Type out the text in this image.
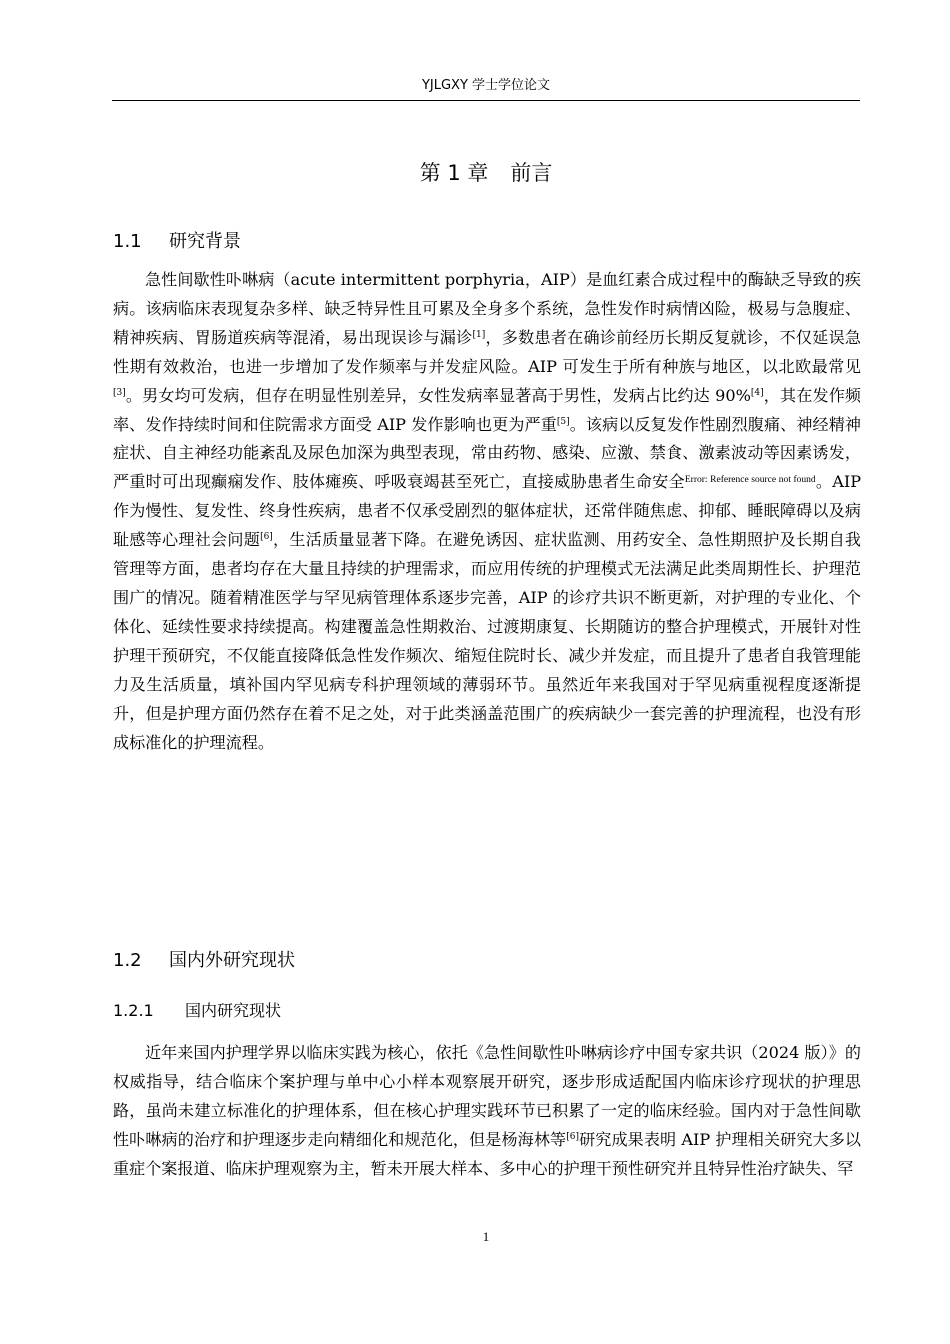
YJLGXY 学士学位论文
第 1 章 前言
1.1 研究背景

急性间歇性卟啉病（acute intermittent porphyria，AIP）是血红素合成过程中的酶缺乏导致的疾病。该病临床表现复杂多样、缺乏特异性且可累及全身多个系统，急性发作时病情凶险，极易与急腹症、精神疾病、胃肠道疾病等混淆，易出现误诊与漏诊[1]，多数患者在确诊前经历长期反复就诊，不仅延误急性期有效救治，也进一步增加了发作频率与并发症风险。AIP 可发生于所有种族与地区，以北欧最常见[3]。男女均可发病，但存在明显性别差异，女性发病率显著高于男性，发病占比约达 90%[4]，其在发作频率、发作持续时间和住院需求方面受 AIP 发作影响也更为严重[5]。该病以反复发作性剧烈腹痛、神经精神症状、自主神经功能紊乱及尿色加深为典型表现，常由药物、感染、应激、禁食、激素波动等因素诱发，严重时可出现癫痫发作、肢体瘫痪、呼吸衰竭甚至死亡，直接威胁患者生命安全$^{Error: Reference source not found}$。AIP 作为慢性、复发性、终身性疾病，患者不仅承受剧烈的躯体症状，还常伴随焦虑、抑郁、睡眠障碍以及病耻感等心理社会问题[6]，生活质量显著下降。在避免诱因、症状监测、用药安全、急性期照护及长期自我管理等方面，患者均存在大量且持续的护理需求，而应用传统的护理模式无法满足此类周期性长、护理范围广的情况。随着精准医学与罕见病管理体系逐步完善，AIP 的诊疗共识不断更新，对护理的专业化、个体化、延续性要求持续提高。构建覆盖急性期救治、过渡期康复、长期随访的整合护理模式，开展针对性护理干预研究，不仅能直接降低急性发作频次、缩短住院时长、减少并发症，而且提升了患者自我管理能力及生活质量，填补国内罕见病专科护理领域的薄弱环节。虽然近年来我国对于罕见病重视程度逐渐提升，但是护理方面仍然存在着不足之处，对于此类涵盖范围广的疾病缺少一套完善的护理流程，也没有形成标准化的护理流程。

1.2 国内外研究现状
1.2.1 国内研究现状

近年来国内护理学界以临床实践为核心，依托《急性间歇性卟啉病诊疗中国专家共识（2024 版）》的权威指导，结合临床个案护理与单中心小样本观察展开研究，逐步形成适配国内临床诊疗现状的护理思路，虽尚未建立标准化的护理体系，但在核心护理实践环节已积累了一定的临床经验。国内对于急性间歇性卟啉病的治疗和护理逐步走向精细化和规范化，但是杨海林等[6]研究成果表明 AIP 护理相关研究大多以重症个案报道、临床护理观察为主，暂未开展大样本、多中心的护理干预性研究并且特异性治疗缺失、罕

1
